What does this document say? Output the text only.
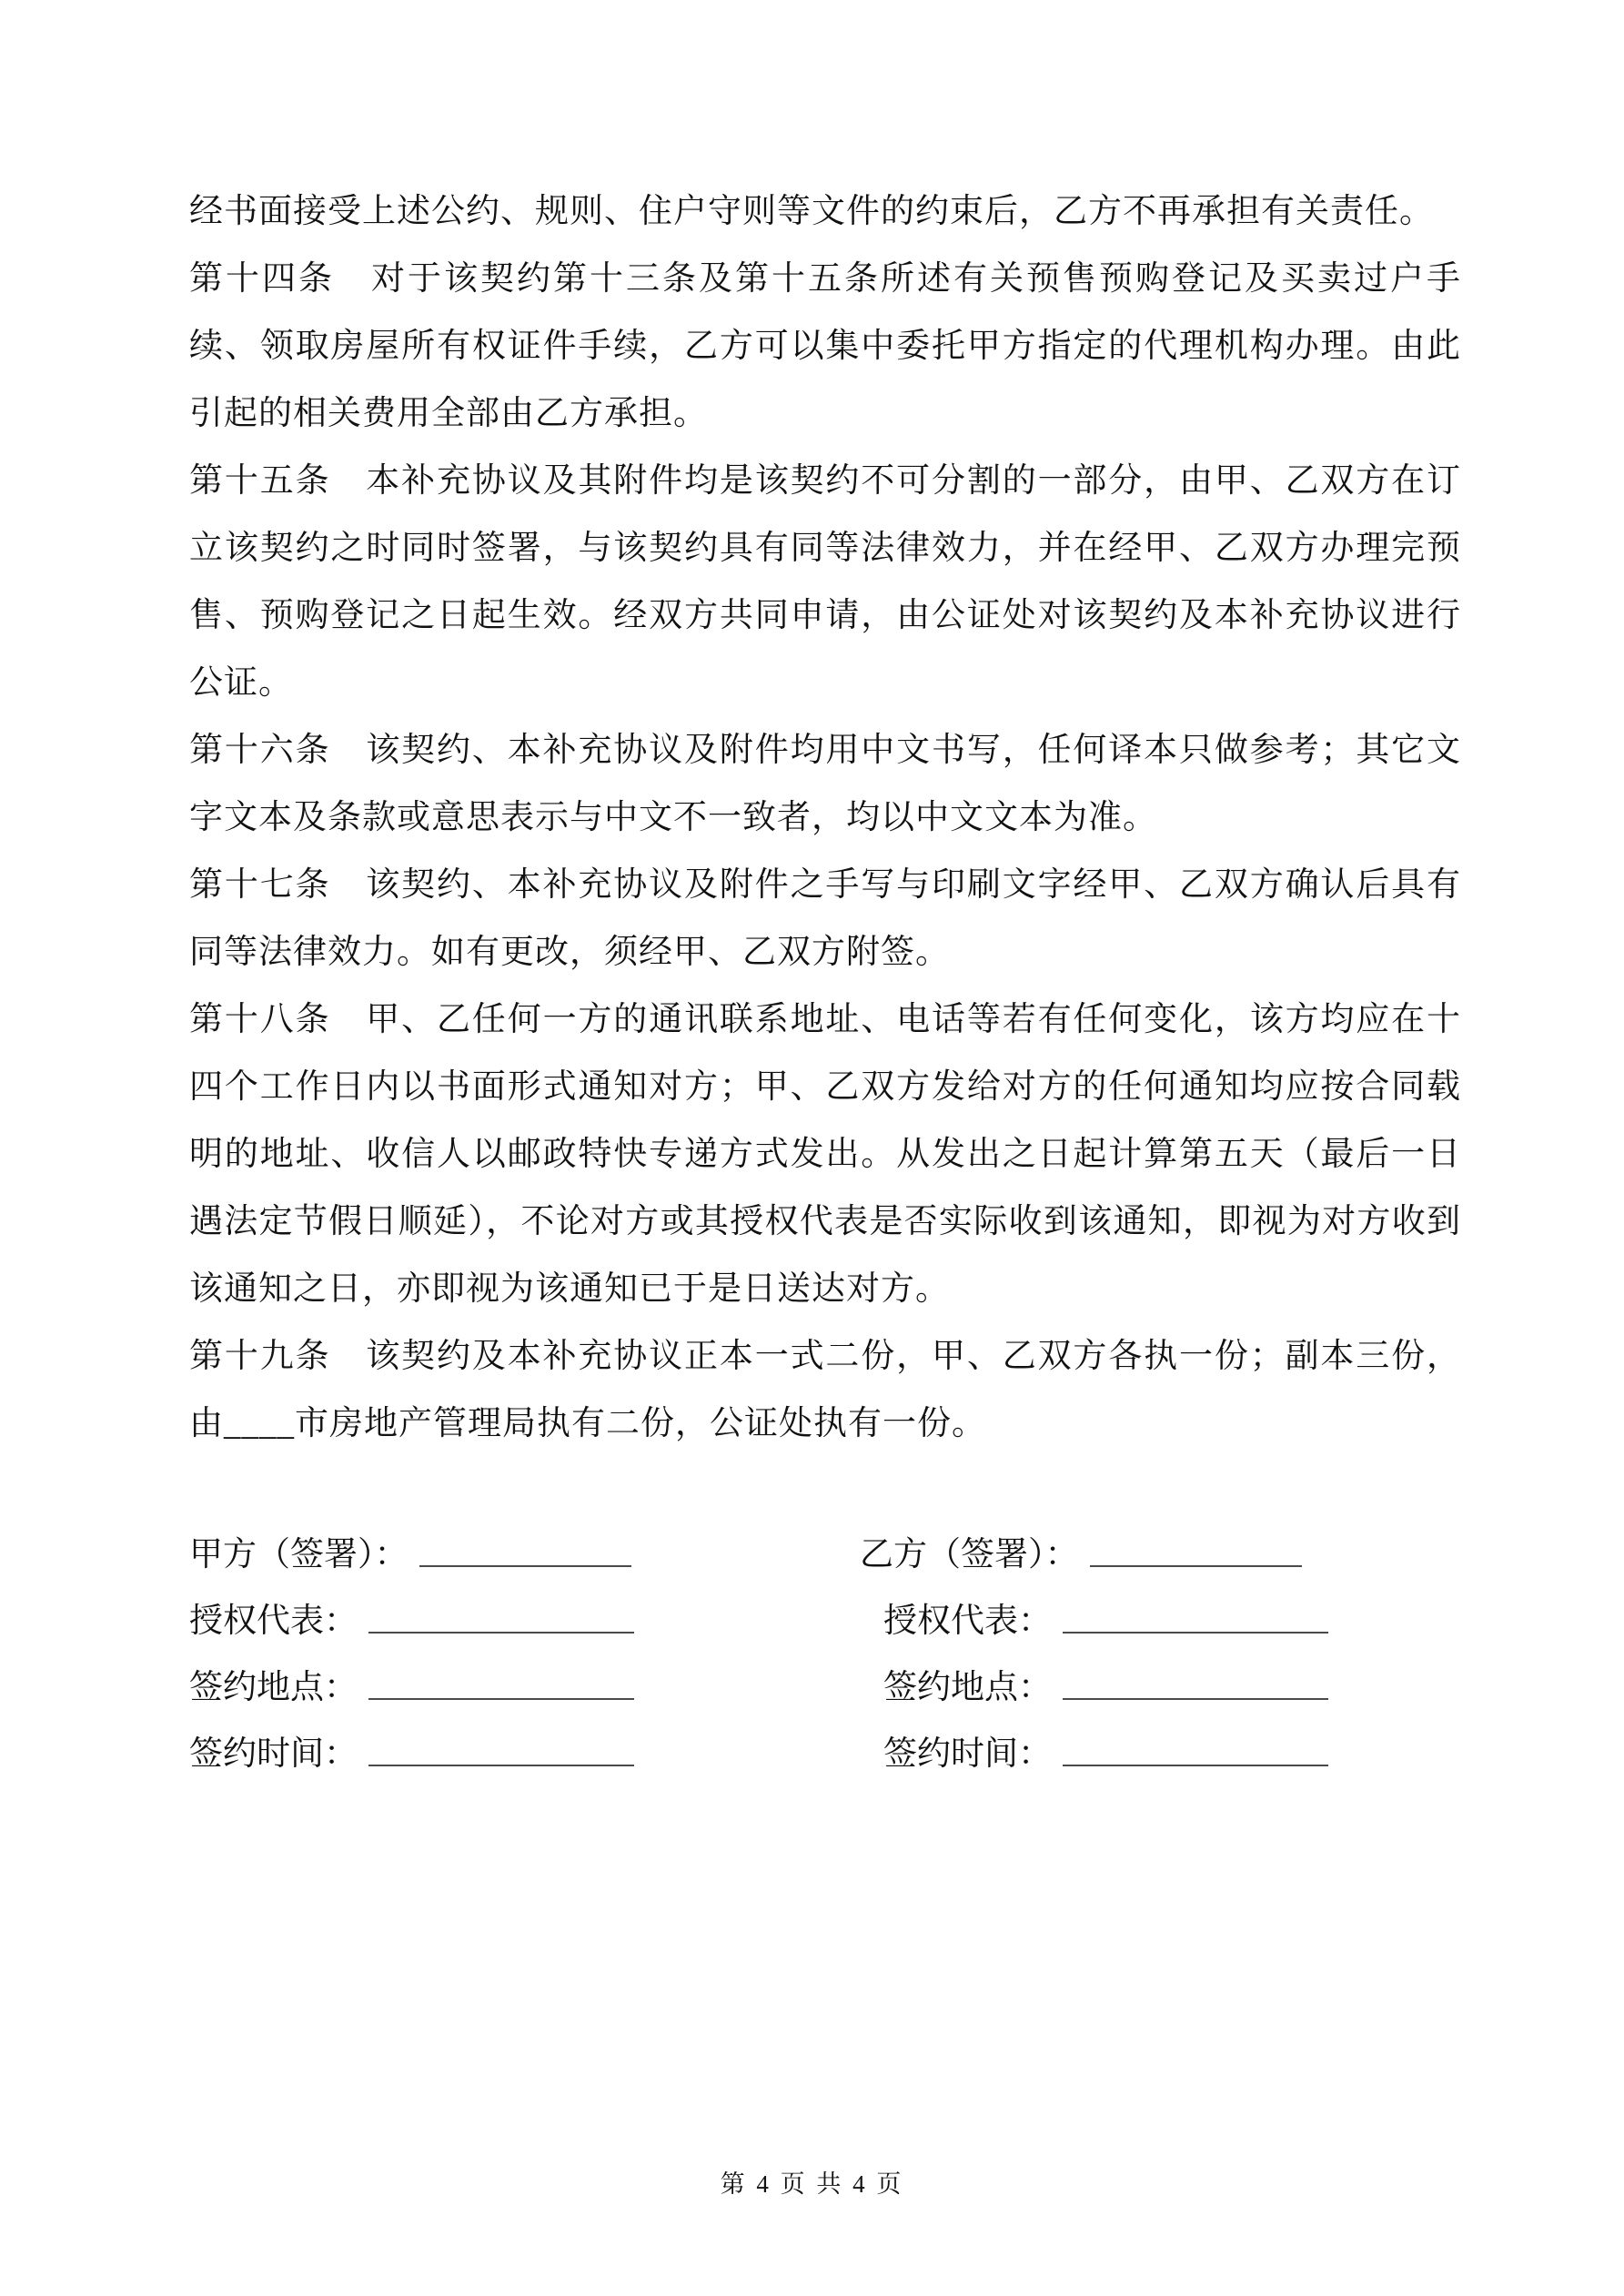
经书面接受上述公约、规则、住户守则等文件的约束后，乙方不再承担有关责任。

第十四条　对于该契约第十三条及第十五条所述有关预售预购登记及买卖过户手续、领取房屋所有权证件手续，乙方可以集中委托甲方指定的代理机构办理。由此引起的相关费用全部由乙方承担。

第十五条　本补充协议及其附件均是该契约不可分割的一部分，由甲、乙双方在订立该契约之时同时签署，与该契约具有同等法律效力，并在经甲、乙双方办理完预售、预购登记之日起生效。经双方共同申请，由公证处对该契约及本补充协议进行公证。

第十六条　该契约、本补充协议及附件均用中文书写，任何译本只做参考；其它文字文本及条款或意思表示与中文不一致者，均以中文文本为准。

第十七条　该契约、本补充协议及附件之手写与印刷文字经甲、乙双方确认后具有同等法律效力。如有更改，须经甲、乙双方附签。

第十八条　甲、乙任何一方的通讯联系地址、电话等若有任何变化，该方均应在十四个工作日内以书面形式通知对方；甲、乙双方发给对方的任何通知均应按合同载明的地址、收信人以邮政特快专递方式发出。从发出之日起计算第五天（最后一日遇法定节假日顺延），不论对方或其授权代表是否实际收到该通知，即视为对方收到该通知之日，亦即视为该通知已于是日送达对方。

第十九条　该契约及本补充协议正本一式二份，甲、乙双方各执一份；副本三份，由____市房地产管理局执有二份，公证处执有一份。

甲方（签署）：
授权代表：
签约地点：
签约时间：
乙方（签署）：
授权代表：
签约地点：
签约时间：
第 4 页 共 4 页
